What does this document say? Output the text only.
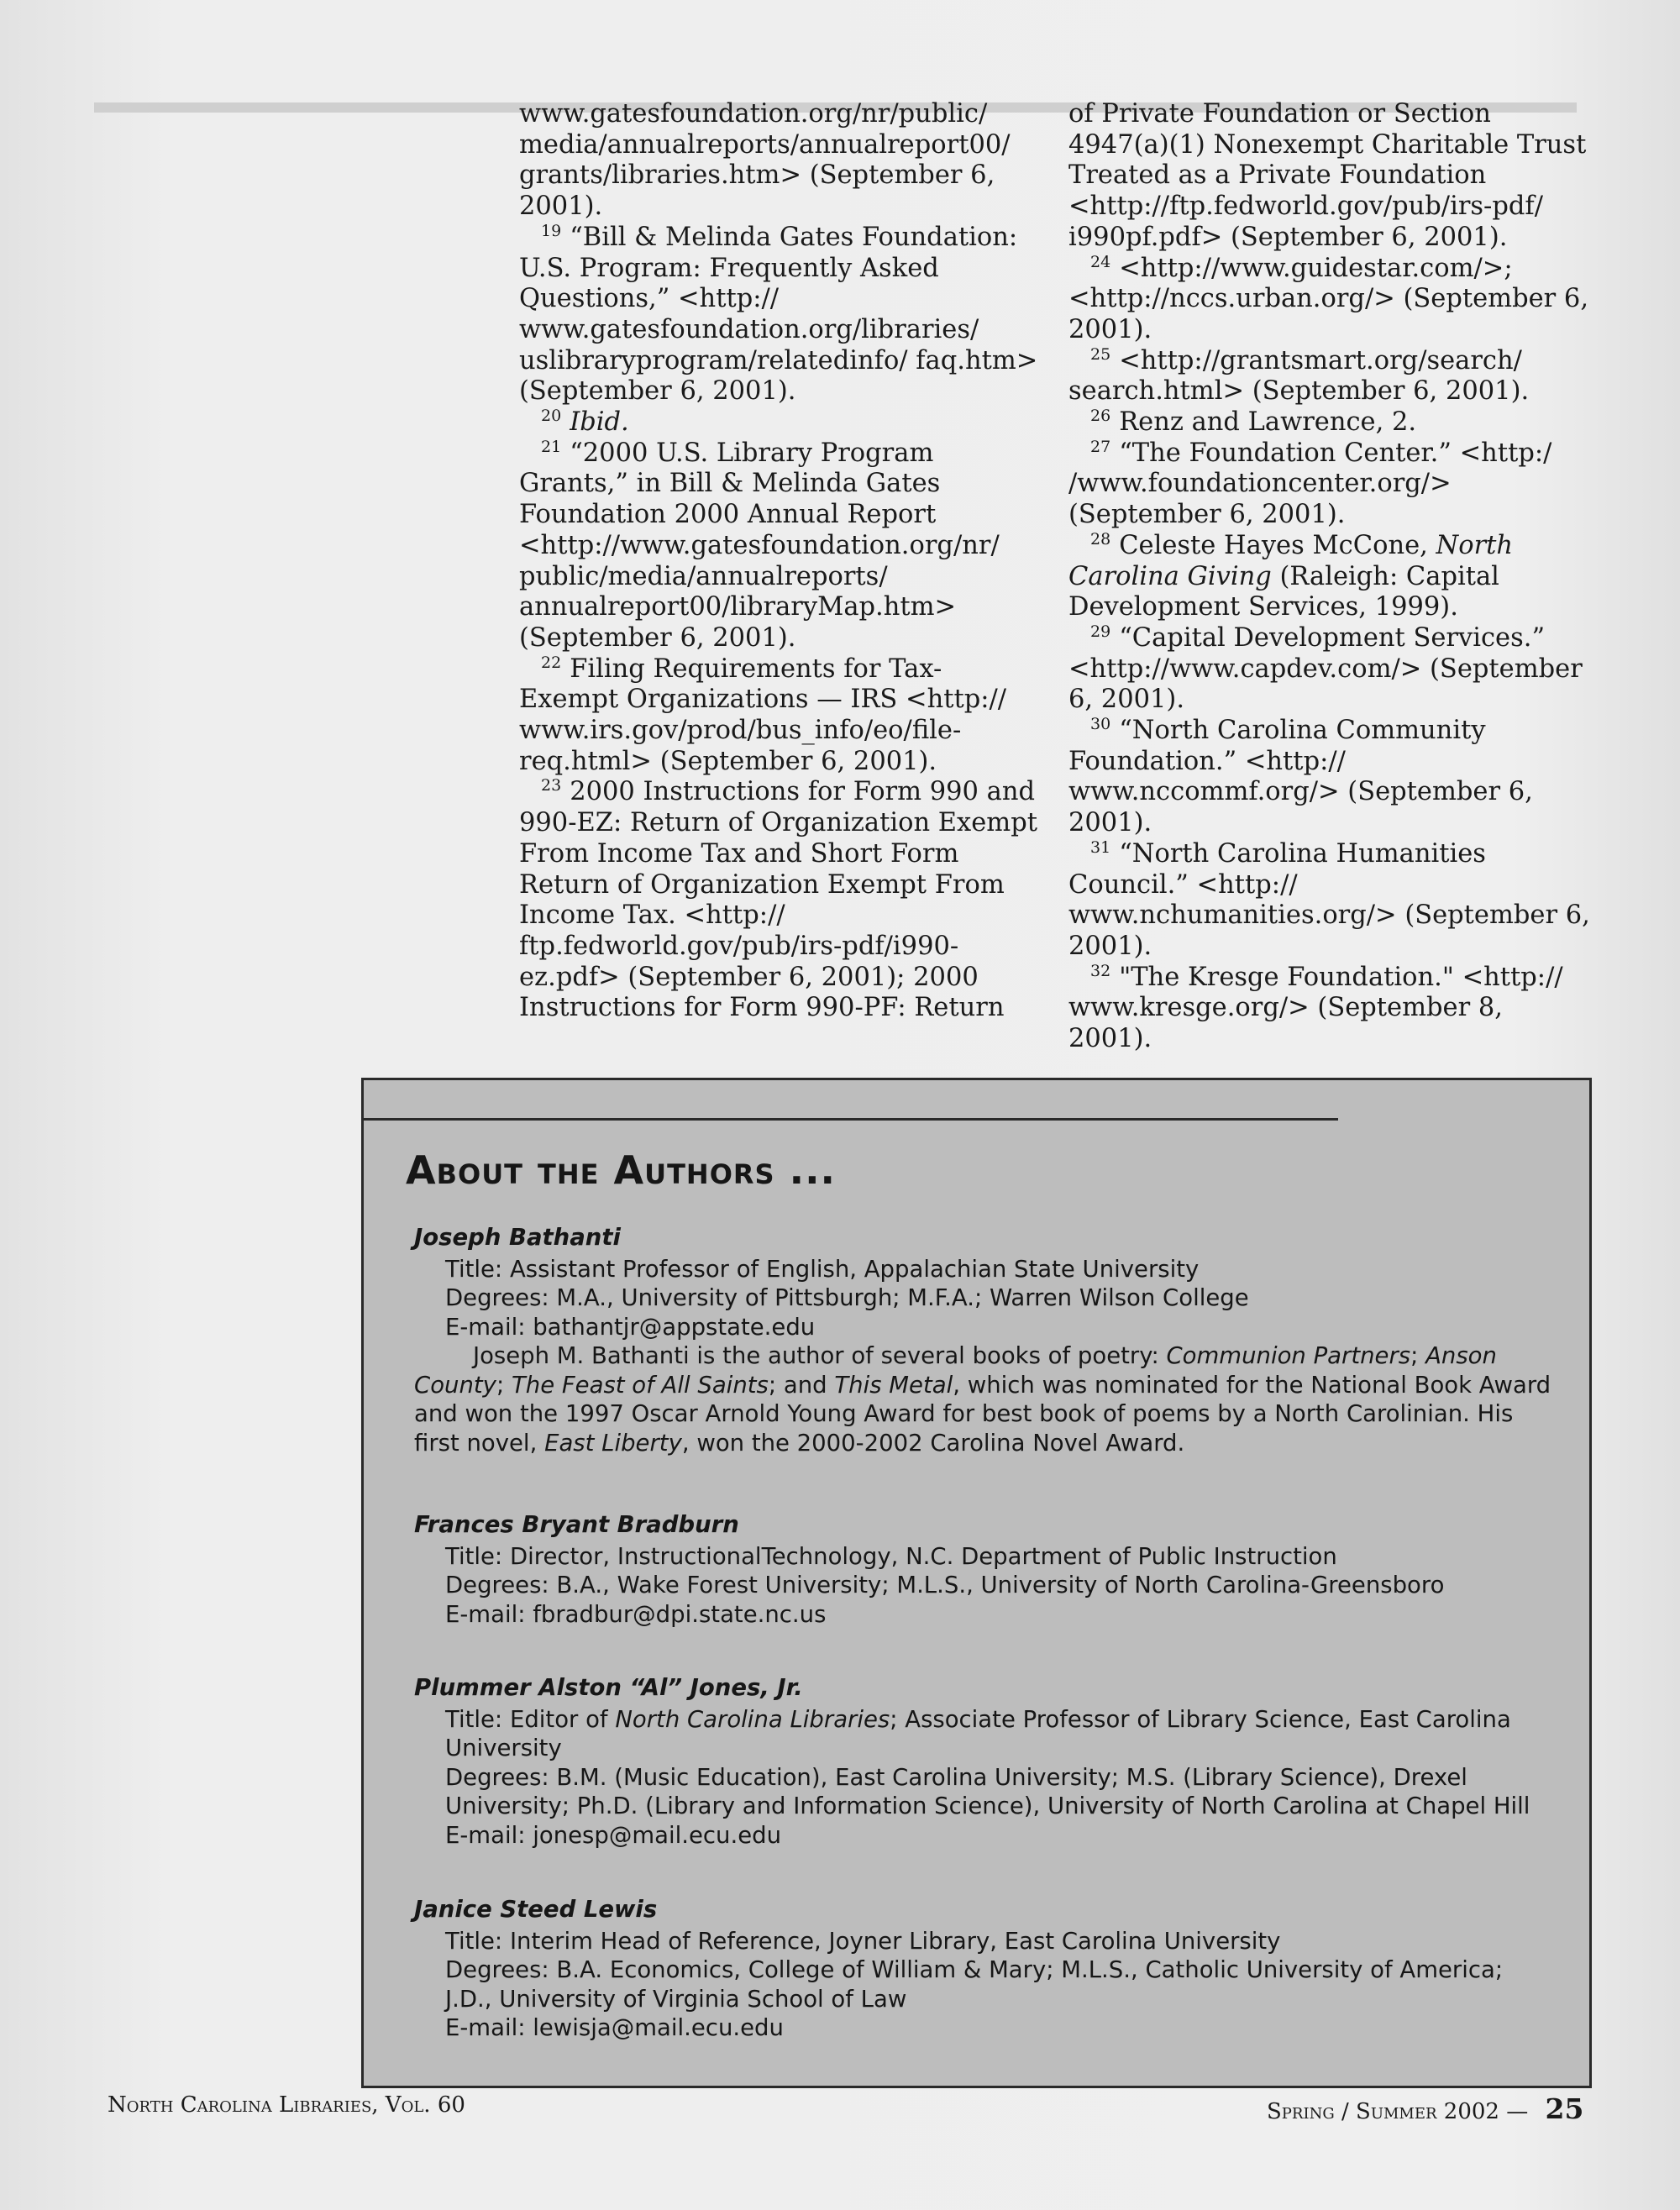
www.gatesfoundation.org/nr/public/ media/annualreports/annualreport00/ grants/libraries.htm> (September 6, 2001).

$^{19}$ “Bill & Melinda Gates Foundation: U.S. Program: Frequently Asked Questions,” <http:// www.gatesfoundation.org/libraries/ uslibraryprogram/relatedinfo/ faq.htm> (September 6, 2001).

$^{20}$ Ibid.

$^{21}$ “2000 U.S. Library Program Grants,” in Bill & Melinda Gates Foundation 2000 Annual Report <http://www.gatesfoundation.org/nr/ public/media/annualreports/ annualreport00/libraryMap.htm> (September 6, 2001).

$^{22}$ Filing Requirements for Tax-Exempt Organizations — IRS <http:// www.irs.gov/prod/bus_info/eo/file-req.html> (September 6, 2001).

$^{23}$ 2000 Instructions for Form 990 and 990-EZ: Return of Organization Exempt From Income Tax and Short Form Return of Organization Exempt From Income Tax. <http:// ftp.fedworld.gov/pub/irs-pdf/i990-ez.pdf> (September 6, 2001); 2000 Instructions for Form 990-PF: Return

of Private Foundation or Section 4947(a)(1) Nonexempt Charitable Trust Treated as a Private Foundation <http://ftp.fedworld.gov/pub/irs-pdf/ i990pf.pdf> (September 6, 2001).

$^{24}$ <http://www.guidestar.com/>; <http://nccs.urban.org/> (September 6, 2001).

$^{25}$ <http://grantsmart.org/search/ search.html> (September 6, 2001).

$^{26}$ Renz and Lawrence, 2.

$^{27}$ “The Foundation Center.” <http:/ /www.foundationcenter.org/> (September 6, 2001).

$^{28}$ Celeste Hayes McCone, North Carolina Giving (Raleigh: Capital Development Services, 1999).

$^{29}$ “Capital Development Services.” <http://www.capdev.com/> (September 6, 2001).

$^{30}$ “North Carolina Community Foundation.” <http:// www.nccommf.org/> (September 6, 2001).

$^{31}$ “North Carolina Humanities Council.” <http:// www.nchumanities.org/> (September 6, 2001).

$^{32}$ "The Kresge Foundation." <http:// www.kresge.org/> (September 8, 2001).

About the Authors ...

Joseph Bathanti

Title: Assistant Professor of English, Appalachian State University

Degrees: M.A., University of Pittsburgh; M.F.A.; Warren Wilson College

E-mail: bathantjr@appstate.edu

Joseph M. Bathanti is the author of several books of poetry: Communion Partners; Anson County; The Feast of All Saints; and This Metal, which was nominated for the National Book Award and won the 1997 Oscar Arnold Young Award for best book of poems by a North Carolinian. His first novel, East Liberty, won the 2000-2002 Carolina Novel Award.

Frances Bryant Bradburn

Title: Director, InstructionalTechnology, N.C. Department of Public Instruction

Degrees: B.A., Wake Forest University; M.L.S., University of North Carolina-Greensboro

E-mail: fbradbur@dpi.state.nc.us

Plummer Alston “Al” Jones, Jr.

Title: Editor of North Carolina Libraries; Associate Professor of Library Science, East Carolina University

Degrees: B.M. (Music Education), East Carolina University; M.S. (Library Science), Drexel University; Ph.D. (Library and Information Science), University of North Carolina at Chapel Hill

E-mail: jonesp@mail.ecu.edu

Janice Steed Lewis

Title: Interim Head of Reference, Joyner Library, East Carolina University

Degrees: B.A. Economics, College of William & Mary; M.L.S., Catholic University of America; J.D., University of Virginia School of Law

E-mail: lewisja@mail.ecu.edu

North Carolina Libraries, Vol. 60	Spring / Summer 2002 — 25
